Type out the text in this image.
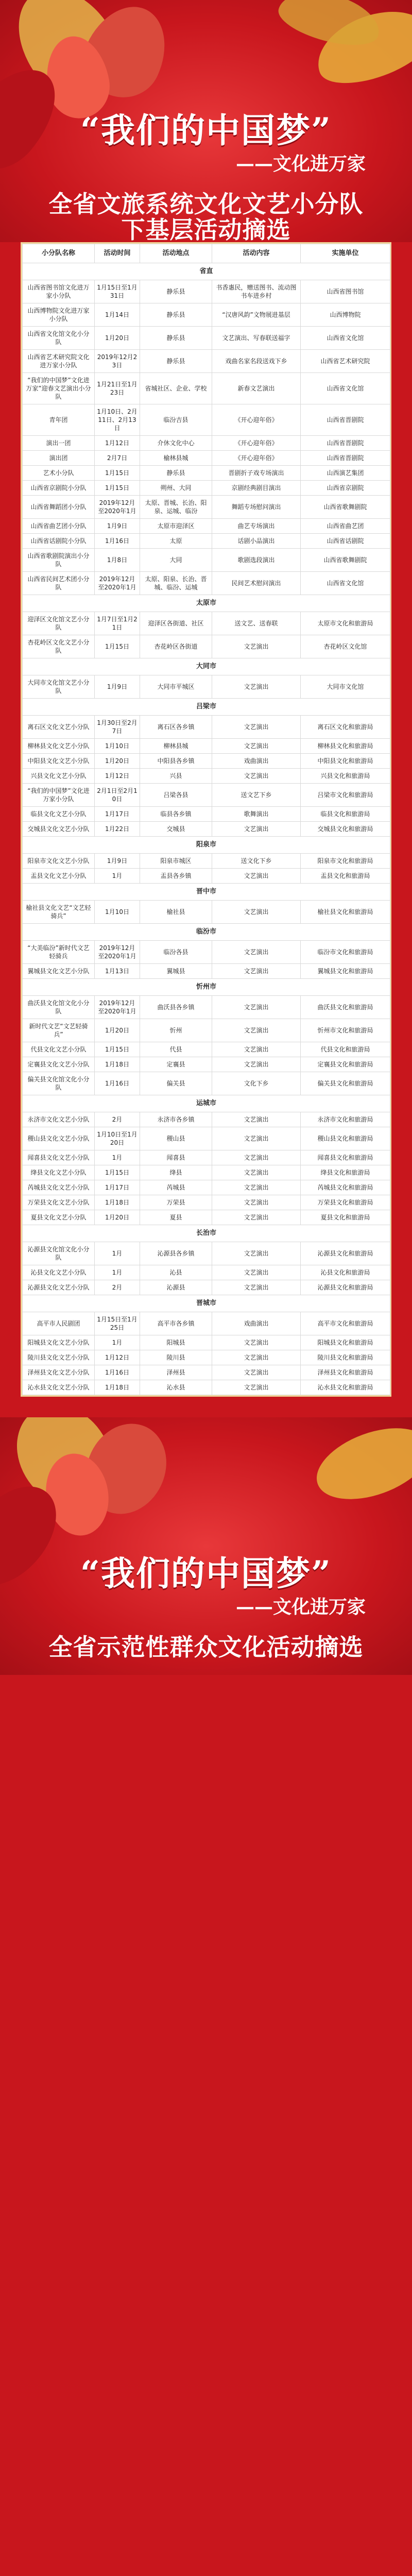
“我们的中国梦”
——文化进万家
全省文旅系统文化文艺小分队
下基层活动摘选
小分队名称	活动时间	活动地点	活动内容	实施单位
省直				
山西省图书馆文化进万家小分队	1月15日至1月31日	静乐县	书香惠民，赠送图书、流动图书车进乡村	山西省图书馆
山西博物院文化进万家小分队	1月14日	静乐县	“汉唐风韵”文物展进基层	山西博物院
山西省文化馆文化小分队	1月20日	静乐县	文艺演出、写春联送福字	山西省文化馆
山西省艺术研究院文化进万家小分队	2019年12月23日	静乐县	戏曲名家名段送戏下乡	山西省艺术研究院
“我们的中国梦”文化进万家”迎春文艺演出小分队	1月21日至1月23日	省城社区、企业、学校	新春文艺演出	山西省文化馆
青年团	1月10日、2月11日、2月13日	临汾吉县	《开心迎年俗》	山西省晋剧院
演出一团	1月12日	介休文化中心	《开心迎年俗》	山西省晋剧院
演出团	2月7日	榆林县城	《开心迎年俗》	山西省晋剧院
艺术小分队	1月15日	静乐县	晋剧折子戏专场演出	山西演艺集团
山西省京剧院小分队	1月15日	朔州、大同	京剧经典剧目演出	山西省京剧院
山西省舞蹈团小分队	2019年12月至2020年1月	太原、晋城、长治、阳泉、运城、临汾	舞蹈专场慰问演出	山西省歌舞剧院
山西省曲艺团小分队	1月9日	太原市迎泽区	曲艺专场演出	山西省曲艺团
山西省话剧院小分队	1月16日	太原	话剧小品演出	山西省话剧院
山西省歌剧院演出小分队	1月8日	大同	歌剧选段演出	山西省歌舞剧院
山西省民间艺术团小分队	2019年12月至2020年1月	太原、阳泉、长治、晋城、临汾、运城	民间艺术慰问演出	山西省文化馆
太原市				
迎泽区文化馆文艺小分队	1月7日至1月21日	迎泽区各街道、社区	送文艺、送春联	太原市文化和旅游局
杏花岭区文化文艺小分队	1月15日	杏花岭区各街道	文艺演出	杏花岭区文化馆
大同市				
大同市文化馆文艺小分队	1月9日	大同市平城区	文艺演出	大同市文化馆
吕梁市				
离石区文化文艺小分队	1月30日至2月7日	离石区各乡镇	文艺演出	离石区文化和旅游局
柳林县文化文艺小分队	1月10日	柳林县城	文艺演出	柳林县文化和旅游局
中阳县文化文艺小分队	1月20日	中阳县各乡镇	戏曲演出	中阳县文化和旅游局
兴县文化文艺小分队	1月12日	兴县	文艺演出	兴县文化和旅游局
“我们的中国梦”文化进万家小分队	2月1日至2月10日	吕梁各县	送文艺下乡	吕梁市文化和旅游局
临县文化文艺小分队	1月17日	临县各乡镇	歌舞演出	临县文化和旅游局
交城县文化文艺小分队	1月22日	交城县	文艺演出	交城县文化和旅游局
阳泉市				
阳泉市文化文艺小分队	1月9日	阳泉市城区	送文化下乡	阳泉市文化和旅游局
盂县文化文艺小分队	1月	盂县各乡镇	文艺演出	盂县文化和旅游局
晋中市				
榆社县文化文艺“文艺轻骑兵”	1月10日	榆社县	文艺演出	榆社县文化和旅游局
临汾市				
“大美临汾”新时代文艺轻骑兵	2019年12月至2020年1月	临汾各县	文艺演出	临汾市文化和旅游局
翼城县文化文艺小分队	1月13日	翼城县	文艺演出	翼城县文化和旅游局
忻州市				
曲沃县文化馆文化小分队	2019年12月至2020年1月	曲沃县各乡镇	文艺演出	曲沃县文化和旅游局
新时代文艺“文艺轻骑兵”	1月20日	忻州	文艺演出	忻州市文化和旅游局
代县文化文艺小分队	1月15日	代县	文艺演出	代县文化和旅游局
定襄县文化文艺小分队	1月18日	定襄县	文艺演出	定襄县文化和旅游局
偏关县文化馆文化小分队	1月16日	偏关县	文化下乡	偏关县文化和旅游局
运城市				
永济市文化文艺小分队	2月	永济市各乡镇	文艺演出	永济市文化和旅游局
稷山县文化文艺小分队	1月10日至1月20日	稷山县	文艺演出	稷山县文化和旅游局
闻喜县文化文艺小分队	1月	闻喜县	文艺演出	闻喜县文化和旅游局
绛县文化文艺小分队	1月15日	绛县	文艺演出	绛县文化和旅游局
芮城县文化文艺小分队	1月17日	芮城县	文艺演出	芮城县文化和旅游局
万荣县文化文艺小分队	1月18日	万荣县	文艺演出	万荣县文化和旅游局
夏县文化文艺小分队	1月20日	夏县	文艺演出	夏县文化和旅游局
长治市				
沁源县文化馆文化小分队	1月	沁源县各乡镇	文艺演出	沁源县文化和旅游局
沁县文化文艺小分队	1月	沁县	文艺演出	沁县文化和旅游局
沁源县文化文艺小分队	2月	沁源县	文艺演出	沁源县文化和旅游局
晋城市				
高平市人民剧团	1月15日至1月25日	高平市各乡镇	戏曲演出	高平市文化和旅游局
阳城县文化文艺小分队	1月	阳城县	文艺演出	阳城县文化和旅游局
陵川县文化文艺小分队	1月12日	陵川县	文艺演出	陵川县文化和旅游局
泽州县文化文艺小分队	1月16日	泽州县	文艺演出	泽州县文化和旅游局
沁水县文化文艺小分队	1月18日	沁水县	文艺演出	沁水县文化和旅游局
“我们的中国梦”
——文化进万家
全省示范性群众文化活动摘选
